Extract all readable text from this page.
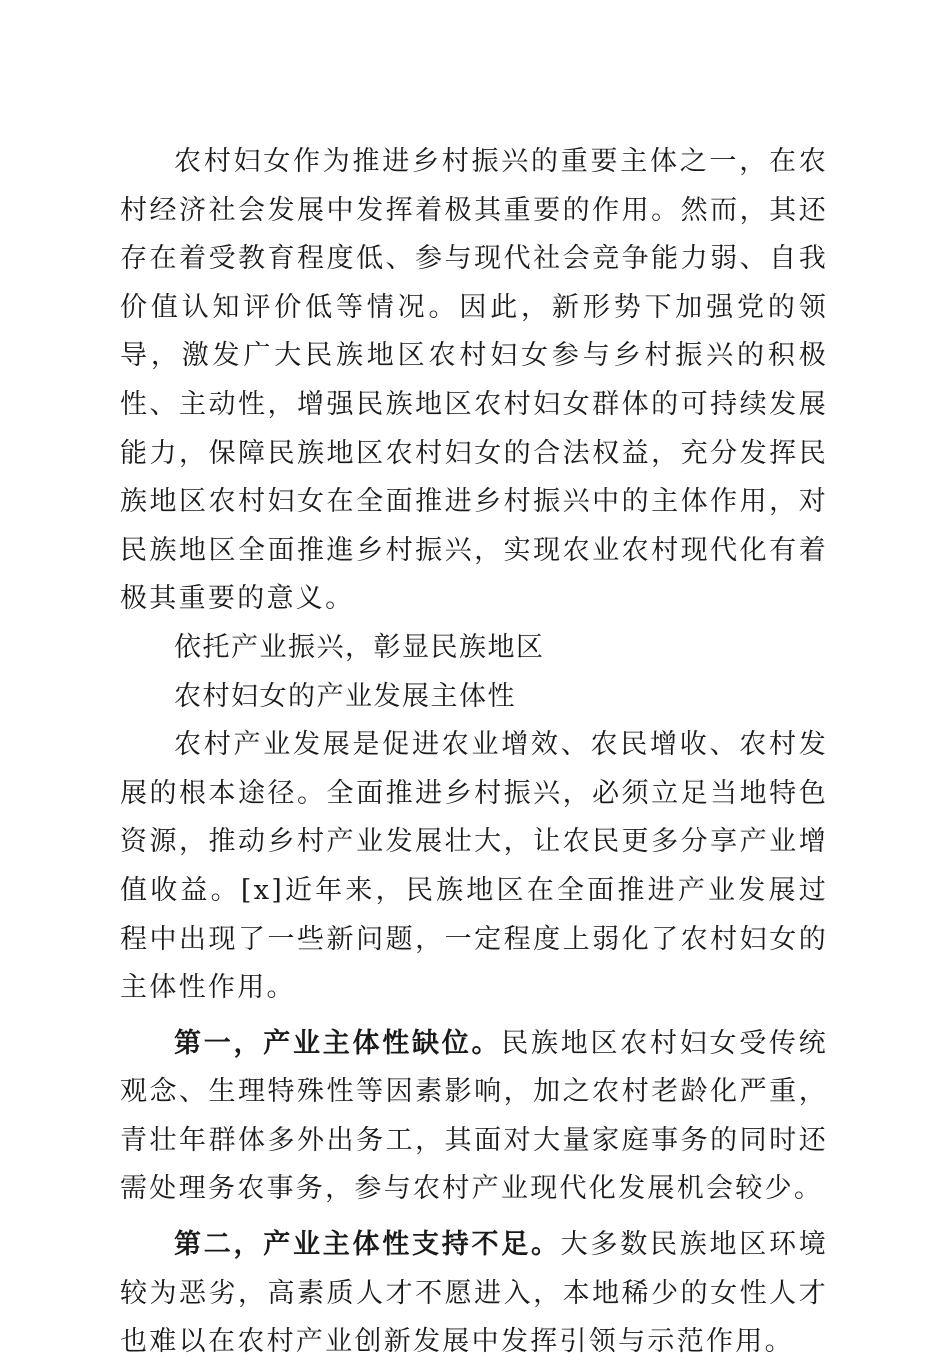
农村妇女作为推进乡村振兴的重要主体之一，在农村经济社会发展中发挥着极其重要的作用。然而，其还存在着受教育程度低、参与现代社会竞争能力弱、自我价值认知评价低等情况。因此，新形势下加强党的领导，激发广大民族地区农村妇女参与乡村振兴的积极性、主动性，增强民族地区农村妇女群体的可持续发展能力，保障民族地区农村妇女的合法权益，充分发挥民族地区农村妇女在全面推进乡村振兴中的主体作用，对民族地区全面推進乡村振兴，实现农业农村现代化有着极其重要的意义。

依托产业振兴，彰显民族地区

农村妇女的产业发展主体性

农村产业发展是促进农业增效、农民增收、农村发展的根本途径。全面推进乡村振兴，必须立足当地特色资源，推动乡村产业发展壮大，让农民更多分享产业增值收益。[x]近年来，民族地区在全面推进产业发展过程中出现了一些新问题，一定程度上弱化了农村妇女的主体性作用。

第一，产业主体性缺位。民族地区农村妇女受传统观念、生理特殊性等因素影响，加之农村老龄化严重，青壮年群体多外出务工，其面对大量家庭事务的同时还需处理务农事务，参与农村产业现代化发展机会较少。

第二，产业主体性支持不足。大多数民族地区环境较为恶劣，高素质人才不愿进入，本地稀少的女性人才也难以在农村产业创新发展中发挥引领与示范作用。
